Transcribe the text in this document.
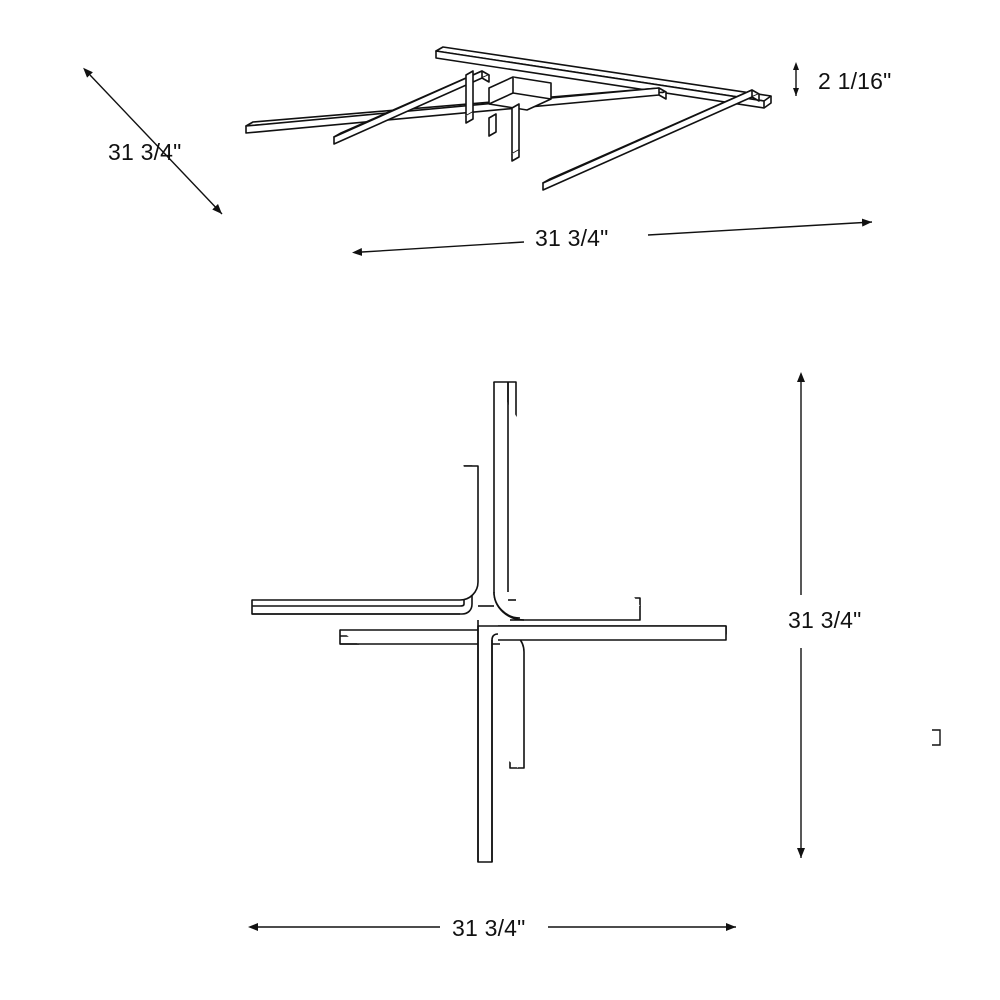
31 3/4"
2 1/16"
31 3/4"
31 3/4"
31 3/4"
